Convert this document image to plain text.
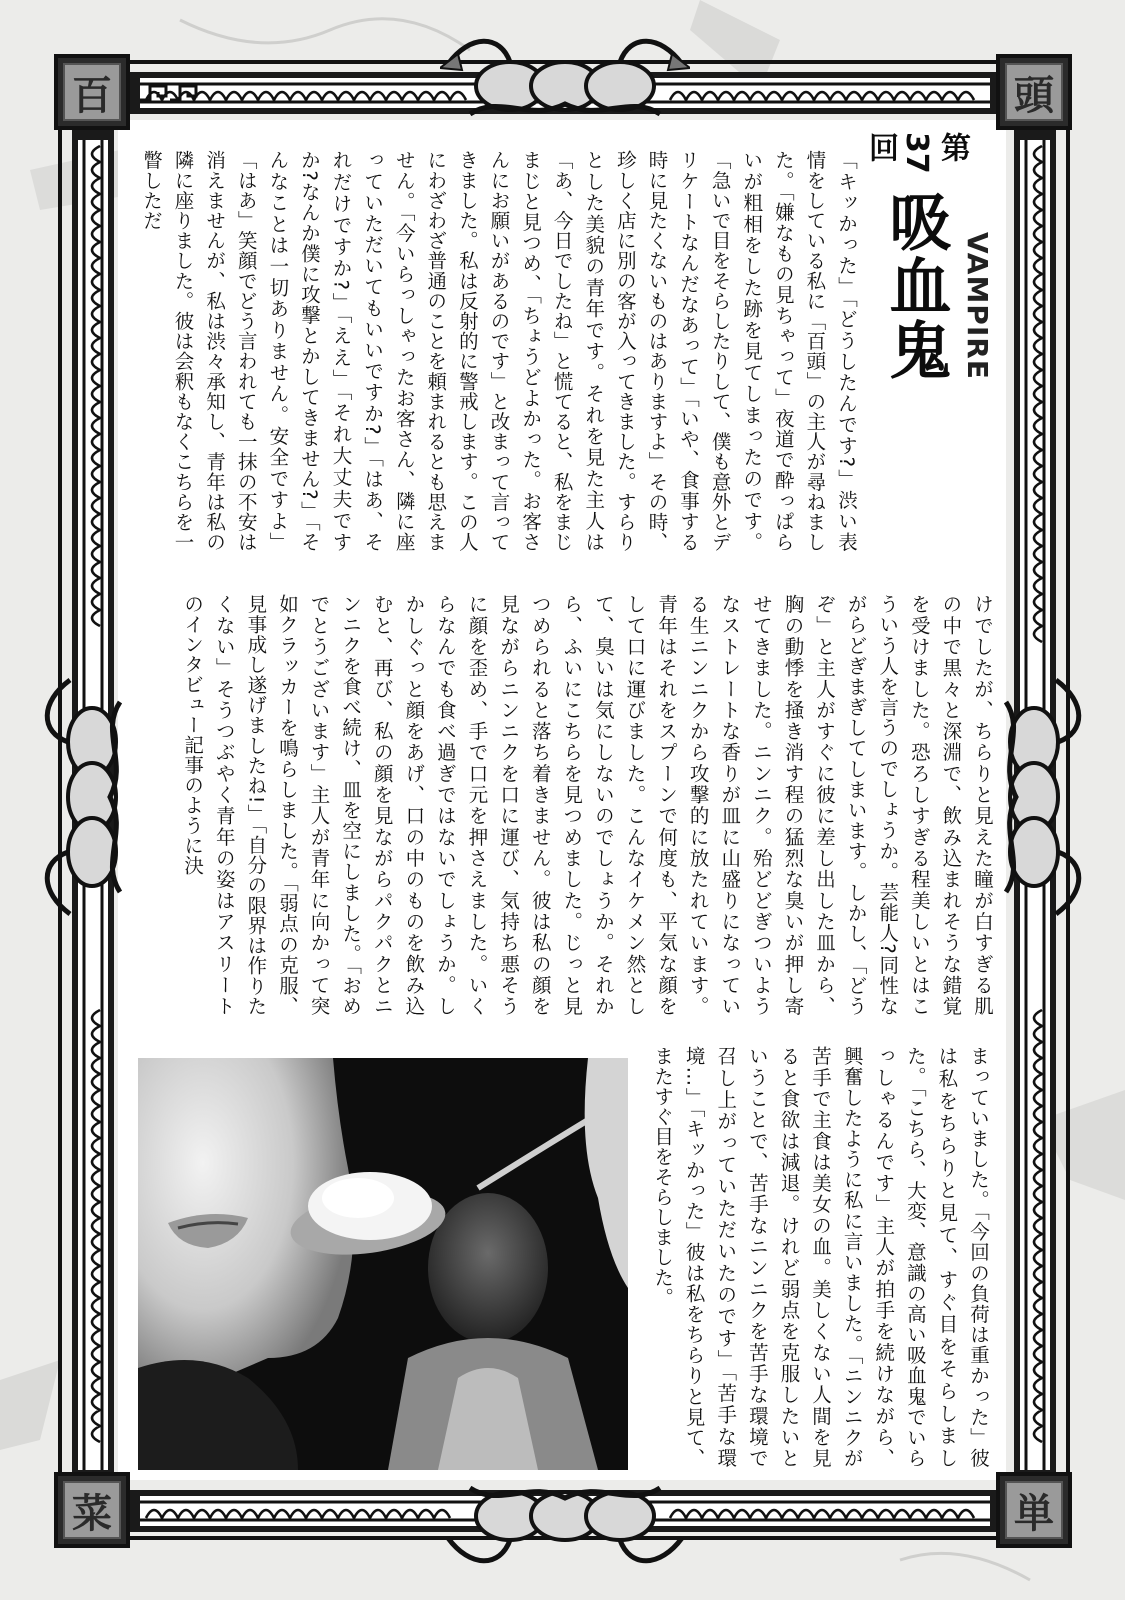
百	頭
菜	単
第37回
吸血鬼 VAMPIRE
「キッかった」「どうしたんです?」渋い表情をしている私に「百頭」の主人が尋ねました。「嫌なもの見ちゃって」夜道で酔っぱらいが粗相をした跡を見てしまったのです。「急いで目をそらしたりして、僕も意外とデリケートなんだなあって」「いや、食事する時に見たくないものはありますよ」その時、珍しく店に別の客が入ってきました。すらりとした美貌の青年です。それを見た主人は「あ、今日でしたね」と慌てると、私をまじまじと見つめ、「ちょうどよかった。お客さんにお願いがあるのです」と改まって言ってきました。私は反射的に警戒します。この人にわざわざ普通のことを頼まれるとも思えません。「今いらっしゃったお客さん、隣に座っていただいてもいいですか?」「はあ、それだけですか?」「ええ」「それ大丈夫ですか?なんか僕に攻撃とかしてきません?」「そんなことは一切ありません。安全ですよ」「はあ」笑顔でどう言われても一抹の不安は消えませんが、私は渋々承知し、青年は私の隣に座りました。彼は会釈もなくこちらを一瞥しただ
けでしたが、ちらりと見えた瞳が白すぎる肌の中で黒々と深淵で、飲み込まれそうな錯覚を受けました。恐ろしすぎる程美しいとはこういう人を言うのでしょうか。芸能人?同性ながらどぎまぎしてしまいます。しかし、「どうぞ」と主人がすぐに彼に差し出した皿から、胸の動悸を掻き消す程の猛烈な臭いが押し寄せてきました。ニンニク。殆どどぎついようなストレートな香りが皿に山盛りになっている生ニンニクから攻撃的に放たれています。青年はそれをスプーンで何度も、平気な顔をして口に運びました。こんなイケメン然として、臭いは気にしないのでしょうか。それから、ふいにこちらを見つめました。じっと見つめられると落ち着きません。彼は私の顔を見ながらニンニクを口に運び、気持ち悪そうに顔を歪め、手で口元を押さえました。いくらなんでも食べ過ぎではないでしょうか。しかしぐっと顔をあげ、口の中のものを飲み込むと、再び、私の顔を見ながらパクパクとニンニクを食べ続け、皿を空にしました。「おめでとうございます」主人が青年に向かって突如クラッカーを鳴らしました。「弱点の克服、見事成し遂げましたね!」「自分の限界は作りたくない」そうつぶやく青年の姿はアスリートのインタビュー記事のように決
まっていました。「今回の負荷は重かった」彼は私をちらりと見て、すぐ目をそらしました。「こちら、大変、意識の高い吸血鬼でいらっしゃるんです」主人が拍手を続けながら、興奮したように私に言いました。「ニンニクが苦手で主食は美女の血。美しくない人間を見ると食欲は減退。けれど弱点を克服したいということで、苦手なニンニクを苦手な環境で召し上がっていただいたのです」「苦手な環境…」「キッかった」彼は私をちらりと見て、またすぐ目をそらしました。
